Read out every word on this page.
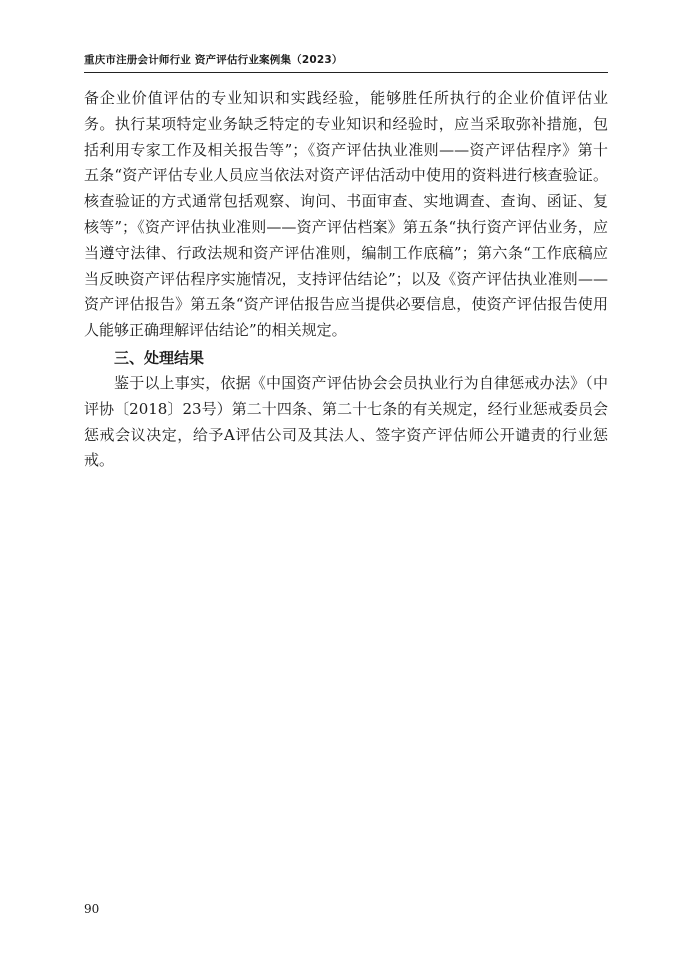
重庆市注册会计师行业 资产评估行业案例集（2023）

备企业价值评估的专业知识和实践经验，能够胜任所执行的企业价值评估业务。执行某项特定业务缺乏特定的专业知识和经验时，应当采取弥补措施，包括利用专家工作及相关报告等”；《资产评估执业准则——资产评估程序》第十五条“资产评估专业人员应当依法对资产评估活动中使用的资料进行核查验证。核查验证的方式通常包括观察、询问、书面审查、实地调查、查询、函证、复核等”；《资产评估执业准则——资产评估档案》第五条“执行资产评估业务，应当遵守法律、行政法规和资产评估准则，编制工作底稿”；第六条“工作底稿应当反映资产评估程序实施情况，支持评估结论”；以及《资产评估执业准则——资产评估报告》第五条“资产评估报告应当提供必要信息，使资产评估报告使用人能够正确理解评估结论”的相关规定。

三、处理结果

鉴于以上事实，依据《中国资产评估协会会员执业行为自律惩戒办法》（中评协〔2018〕23号）第二十四条、第二十七条的有关规定，经行业惩戒委员会惩戒会议决定，给予A评估公司及其法人、签字资产评估师公开谴责的行业惩戒。

90
